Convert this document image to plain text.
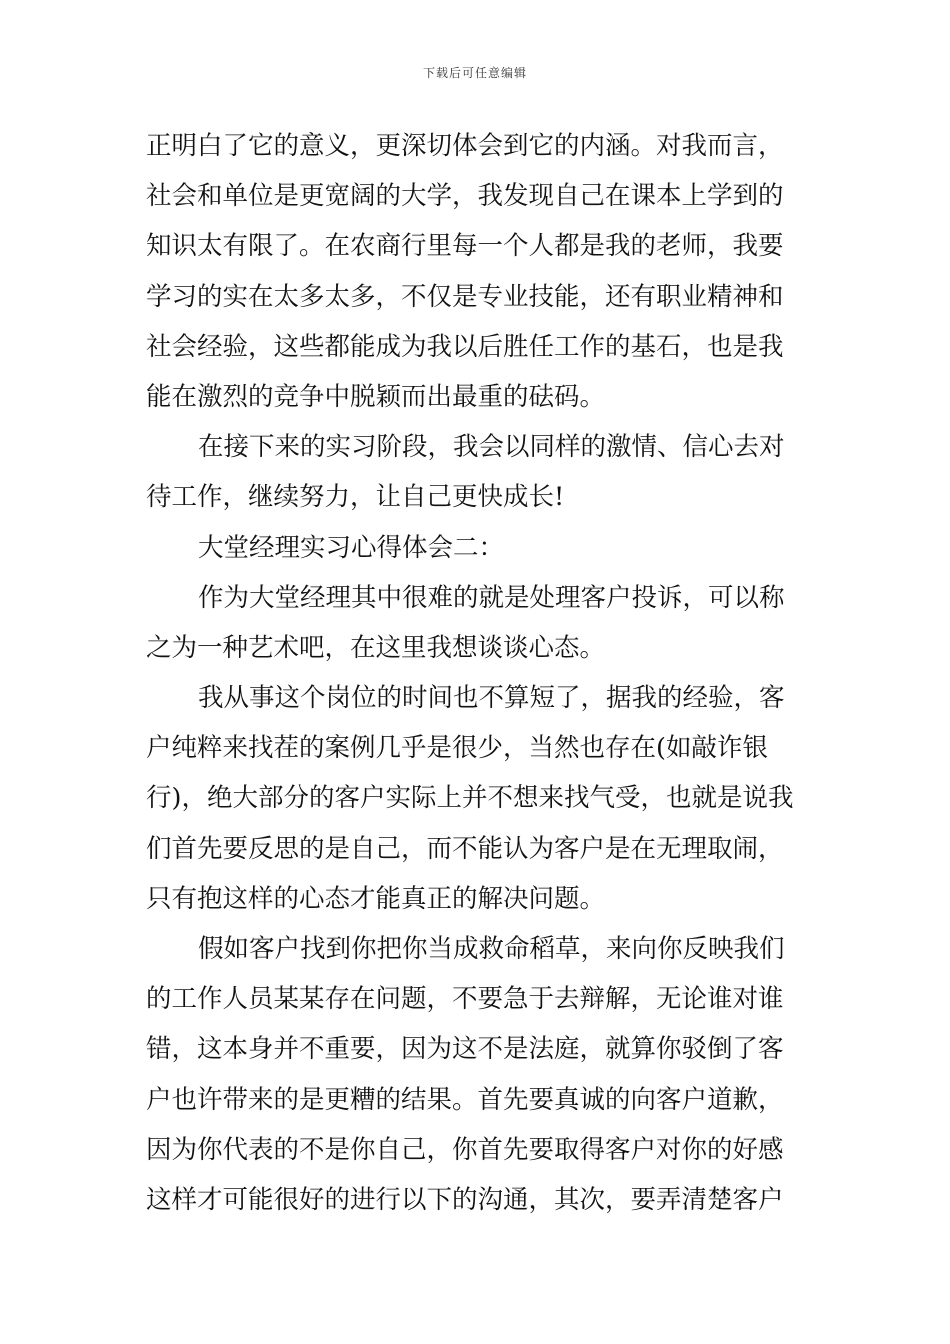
下载后可任意编辑
正明白了它的意义，更深切体会到它的内涵。对我而言，
社会和单位是更宽阔的大学，我发现自己在课本上学到的
知识太有限了。在农商行里每一个人都是我的老师，我要
学习的实在太多太多，不仅是专业技能，还有职业精神和
社会经验，这些都能成为我以后胜任工作的基石，也是我
能在激烈的竞争中脱颖而出最重的砝码。
在接下来的实习阶段，我会以同样的激情、信心去对
待工作，继续努力，让自己更快成长!
大堂经理实习心得体会二：
作为大堂经理其中很难的就是处理客户投诉，可以称
之为一种艺术吧，在这里我想谈谈心态。
我从事这个岗位的时间也不算短了，据我的经验，客
户纯粹来找茬的案例几乎是很少，当然也存在(如敲诈银
行)，绝大部分的客户实际上并不想来找气受，也就是说我
们首先要反思的是自己，而不能认为客户是在无理取闹，
只有抱这样的心态才能真正的解决问题。
假如客户找到你把你当成救命稻草，来向你反映我们
的工作人员某某存在问题，不要急于去辩解，无论谁对谁
错，这本身并不重要，因为这不是法庭，就算你驳倒了客
户也许带来的是更糟的结果。首先要真诚的向客户道歉，
因为你代表的不是你自己，你首先要取得客户对你的好感
这样才可能很好的进行以下的沟通，其次，要弄清楚客户
